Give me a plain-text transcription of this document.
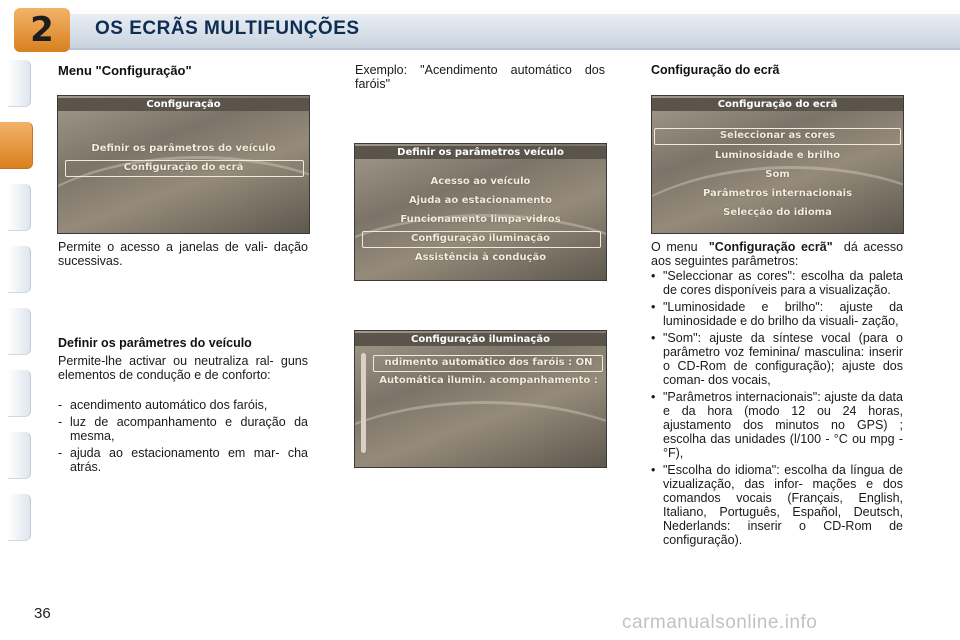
2	OS ECRÃS MULTIFUNÇÕES
Menu "Configuração"
Configuração
Definir os parâmetros do veículo
Configuração do ecrã
Permite o acesso a janelas de vali- dação sucessivas.
Definir os parâmetres do veículo
Permite-lhe activar ou neutraliza ral- guns elementos de condução e de conforto:
- acendimento automático dos faróis,
- luz de acompanhamento e duração da mesma,
- ajuda ao estacionamento em mar- cha atrás.
Exemplo: "Acendimento automático dos faróis"
Definir os parâmetros veículo
Acesso ao veículo
Ajuda ao estacionamento
Funcionamento limpa-vidros
Configuração iluminação
Assistência à condução
Configuração iluminação
ndimento automático dos faróis : ON
Automática ilumin. acompanhamento :
Configuração do ecrã
Configuração do ecrã
Seleccionar as cores
Luminosidade e brilho
Som
Parâmetros internacionais
Selecção do idioma
O menu "Configuração ecrã" dá acesso aos seguintes parâmetros:
• "Seleccionar as cores": escolha da paleta de cores disponíveis para a visualização.
• "Luminosidade e brilho": ajuste da luminosidade e do brilho da visuali- zação,
• "Som": ajuste da síntese vocal (para o parâmetro voz feminina/ masculina: inserir o CD-Rom de configuração); ajuste dos coman- dos vocais,
• "Parâmetros internacionais": ajuste da data e da hora (modo 12 ou 24 horas, ajustamento dos minutos no GPS) ; escolha das unidades (l/100 - °C ou mpg - °F),
• "Escolha do idioma": escolha da língua de vizualização, das infor- mações e dos comandos vocais (Français, English, Italiano, Português, Español, Deutsch, Nederlands: inserir o CD-Rom de configuração).
36	carmanualsonline.info
